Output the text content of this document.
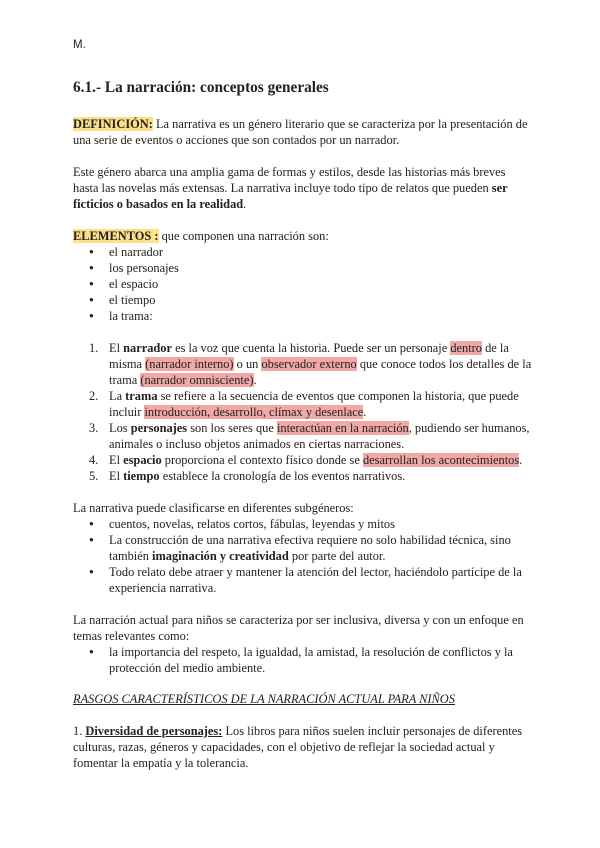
M.
6.1.- La narración: conceptos generales

DEFINICIÓN: La narrativa es un género literario que se caracteriza por la presentación de una serie de eventos o acciones que son contados por un narrador.

Este género abarca una amplia gama de formas y estilos, desde las historias más breves hasta las novelas más extensas. La narrativa incluye todo tipo de relatos que pueden ser ficticios o basados en la realidad.

ELEMENTOS : que componen una narración son:

● el narrador
● los personajes
● el espacio
● el tiempo
● la trama:
1. El narrador es la voz que cuenta la historia. Puede ser un personaje dentro de la misma (narrador interno) o un observador externo que conoce todos los detalles de la trama (narrador omnisciente).
2. La trama se refiere a la secuencia de eventos que componen la historia, que puede incluir introducción, desarrollo, clímax y desenlace.
3. Los personajes son los seres que interactúan en la narración, pudiendo ser humanos, animales o incluso objetos animados en ciertas narraciones.
4. El espacio proporciona el contexto físico donde se desarrollan los acontecimientos.
5. El tiempo establece la cronología de los eventos narrativos.

La narrativa puede clasificarse en diferentes subgéneros:

● cuentos, novelas, relatos cortos, fábulas, leyendas y mitos
● La construcción de una narrativa efectiva requiere no solo habilidad técnica, sino también imaginación y creatividad por parte del autor.
● Todo relato debe atraer y mantener la atención del lector, haciéndolo partícipe de la experiencia narrativa.

La narración actual para niños se caracteriza por ser inclusiva, diversa y con un enfoque en temas relevantes como:

● la importancia del respeto, la igualdad, la amistad, la resolución de conflictos y la protección del medio ambiente.

RASGOS CARACTERÍSTICOS DE LA NARRACIÓN ACTUAL PARA NIÑOS

1. Diversidad de personajes: Los libros para niños suelen incluir personajes de diferentes culturas, razas, géneros y capacidades, con el objetivo de reflejar la sociedad actual y fomentar la empatía y la tolerancia.
